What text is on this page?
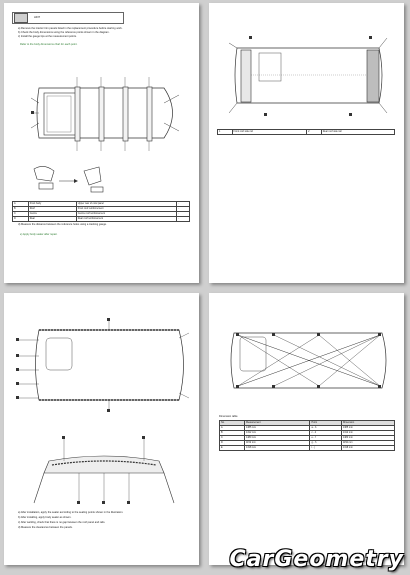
HINT
a) Remove the interior trim panels listed in the replacement procedure before starting work.
b) Check the body dimensions using the reference points shown in the diagram.
c) Install the gauge tips at the measurement points.
Refer to the body dimensions chart for each point.
A	Front body	Upper rear of cowl panel	-
B	Roof	Front roof reinforcement	-
C	Centre	Centre roof reinforcement	-
D	Rear	Rear roof reinforcement	-
d) Measure the distance between the reference holes using a tracking gauge.
e) Apply body sealer after repair.
1	Front roof side rail	2	Rear roof side rail
a) After installation, apply the sealer according to the sealing points shown in the illustration.
b) After installing, apply body sealer as shown.
c) After welding, check that there is no gap between the roof panel and rails.
d) Measure the clearances between the panels.
Dimension table
No.	Measurement	Point	Dimension
A	1385 mm	a - b	1385 mm
B	1312 mm	c - d	1312 mm
C	1480 mm	e - f	1480 mm
D	1152 mm	g - h	1152 mm
E	1318 mm	i - j	1318 mm
CarGeometry
